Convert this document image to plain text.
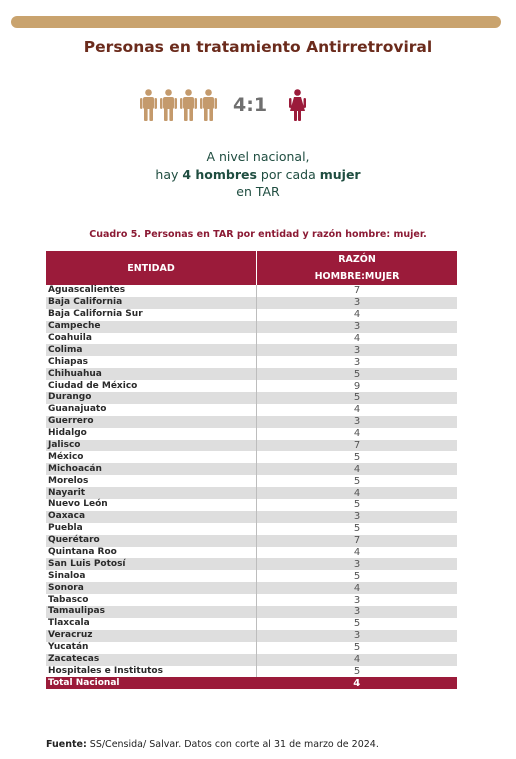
Personas en tratamiento Antirretroviral
4:1
A nivel nacional,
hay 4 hombres por cada mujer
en TAR
Cuadro 5. Personas en TAR por entidad y razón hombre: mujer.
ENTIDAD	RAZÓN
HOMBRE:MUJER

Aguascalientes	7
Baja California	3
Baja California Sur	4
Campeche	3
Coahuila	4
Colima	3
Chiapas	3
Chihuahua	5
Ciudad de México	9
Durango	5
Guanajuato	4
Guerrero	3
Hidalgo	4
Jalisco	7
México	5
Michoacán	4
Morelos	5
Nayarit	4
Nuevo León	5
Oaxaca	3
Puebla	5
Querétaro	7
Quintana Roo	4
San Luis Potosí	3
Sinaloa	5
Sonora	4
Tabasco	3
Tamaulipas	3
Tlaxcala	5
Veracruz	3
Yucatán	5
Zacatecas	4
Hospitales e Institutos	5
Total Nacional	4
Fuente: SS/Censida/ Salvar. Datos con corte al 31 de marzo de 2024.
